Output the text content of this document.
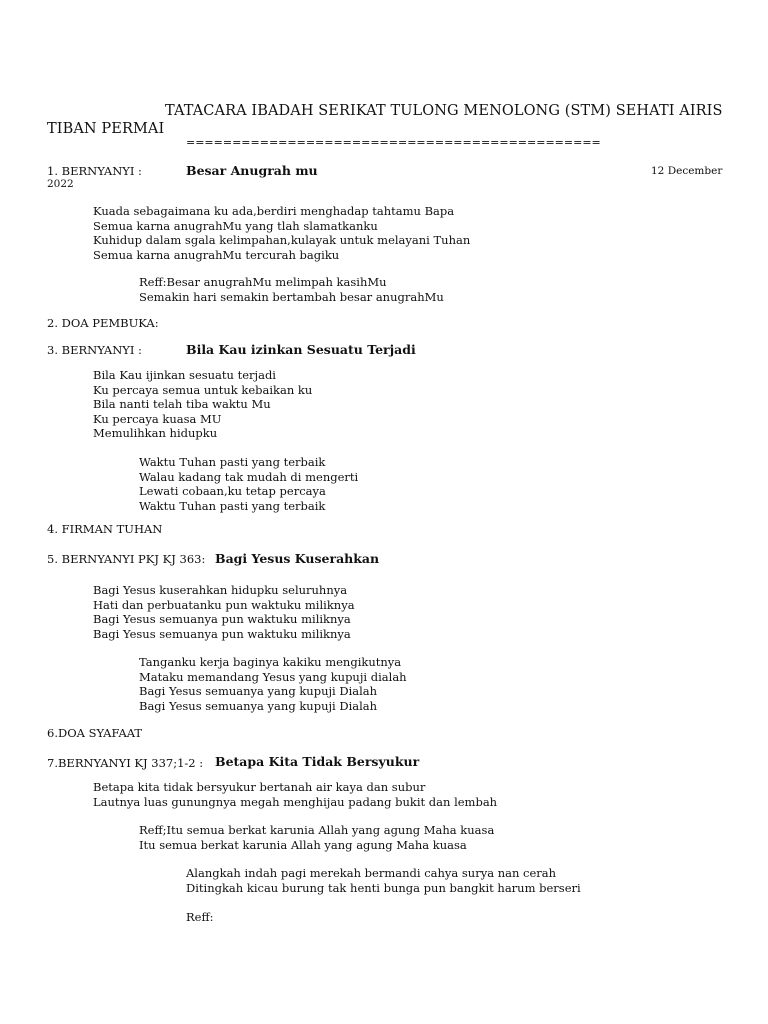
TATACARA IBADAH SERIKAT TULONG MENOLONG (STM) SEHATI AIRIS
TIBAN PERMAI
=============================================
1. BERNYANYI :	Besar Anugrah mu	12 December
2022
Kuada sebagaimana ku ada,berdiri menghadap tahtamu Bapa
Semua karna anugrahMu yang tlah slamatkanku
Kuhidup dalam sgala kelimpahan,kulayak untuk melayani Tuhan
Semua karna anugrahMu tercurah bagiku
Reff:Besar anugrahMu melimpah kasihMu
Semakin hari semakin bertambah besar anugrahMu
2. DOA PEMBUKA:
3. BERNYANYI :	Bila Kau izinkan Sesuatu Terjadi
Bila Kau ijinkan sesuatu terjadi
Ku percaya semua untuk kebaikan ku
Bila nanti telah tiba waktu Mu
Ku percaya kuasa MU
Memulihkan hidupku
Waktu Tuhan pasti yang terbaik
Walau kadang tak mudah di mengerti
Lewati cobaan,ku tetap percaya
Waktu Tuhan pasti yang terbaik
4. FIRMAN TUHAN
5. BERNYANYI PKJ KJ 363: Bagi Yesus Kuserahkan
Bagi Yesus kuserahkan hidupku seluruhnya
Hati dan perbuatanku pun waktuku miliknya
Bagi Yesus semuanya pun waktuku miliknya
Bagi Yesus semuanya pun waktuku miliknya
Tanganku kerja baginya kakiku mengikutnya
Mataku memandang Yesus yang kupuji dialah
Bagi Yesus semuanya yang kupuji Dialah
Bagi Yesus semuanya yang kupuji Dialah
6.DOA SYAFAAT
7.BERNYANYI KJ 337;1-2 : Betapa Kita Tidak Bersyukur
Betapa kita tidak bersyukur bertanah air kaya dan subur
Lautnya luas gunungnya megah menghijau padang bukit dan lembah
Reff;Itu semua berkat karunia Allah yang agung Maha kuasa
Itu semua berkat karunia Allah yang agung Maha kuasa
Alangkah indah pagi merekah bermandi cahya surya nan cerah
Ditingkah kicau burung tak henti bunga pun bangkit harum berseri
Reff:
